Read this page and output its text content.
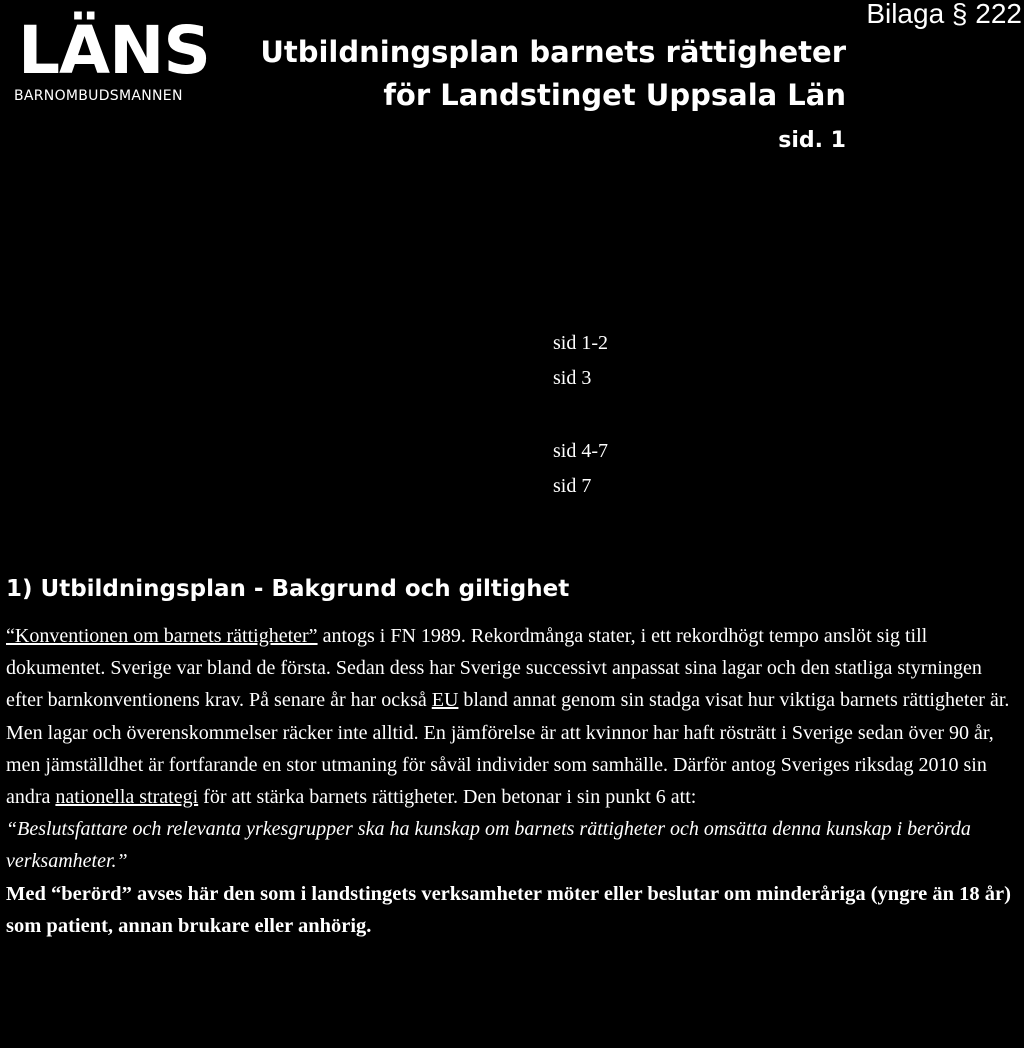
LÄNS
BARNOMBUDSMANNEN
Utbildningsplan barnets rättigheter
för Landstinget Uppsala Län
sid. 1
Bilaga § 222
sid 1-2
sid 3
sid 4-7
sid 7
1) Utbildningsplan - Bakgrund och giltighet

“Konventionen om barnets rättigheter” antogs i FN 1989. Rekordmånga stater, i ett rekordhögt tempo anslöt sig till dokumentet. Sverige var bland de första. Sedan dess har Sverige successivt anpassat sina lagar och den statliga styrningen efter barnkonventionens krav. På senare år har också EU bland annat genom sin stadga visat hur viktiga barnets rättigheter är. Men lagar och överenskommelser räcker inte alltid. En jämförelse är att kvinnor har haft rösträtt i Sverige sedan över 90 år, men jämställdhet är fortfarande en stor utmaning för såväl individer som samhälle. Därför antog Sveriges riksdag 2010 sin andra nationella strategi för att stärka barnets rättigheter. Den betonar i sin punkt 6 att:

“Beslutsfattare och relevanta yrkesgrupper ska ha kunskap om barnets rättigheter och omsätta denna kunskap i berörda verksamheter.”

Med “berörd” avses här den som i landstingets verksamheter möter eller beslutar om minderåriga (yngre än 18 år) som patient, annan brukare eller anhörig.
